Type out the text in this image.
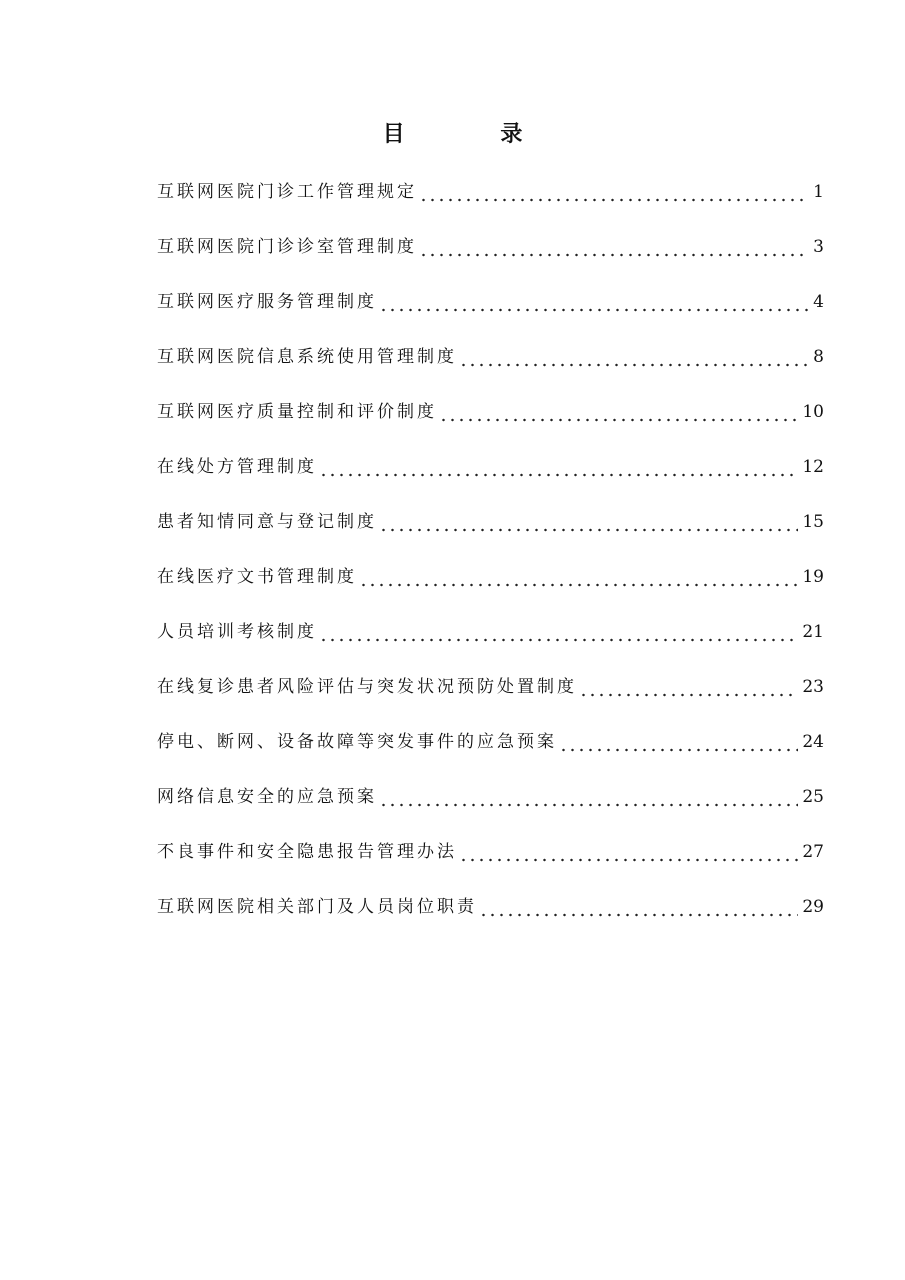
目 录
互联网医院门诊工作管理规定	1
互联网医院门诊诊室管理制度	3
互联网医疗服务管理制度	4
互联网医院信息系统使用管理制度	8
互联网医疗质量控制和评价制度	10
在线处方管理制度	12
患者知情同意与登记制度	15
在线医疗文书管理制度	19
人员培训考核制度	21
在线复诊患者风险评估与突发状况预防处置制度	23
停电、断网、设备故障等突发事件的应急预案	24
网络信息安全的应急预案	25
不良事件和安全隐患报告管理办法	27
互联网医院相关部门及人员岗位职责	29
